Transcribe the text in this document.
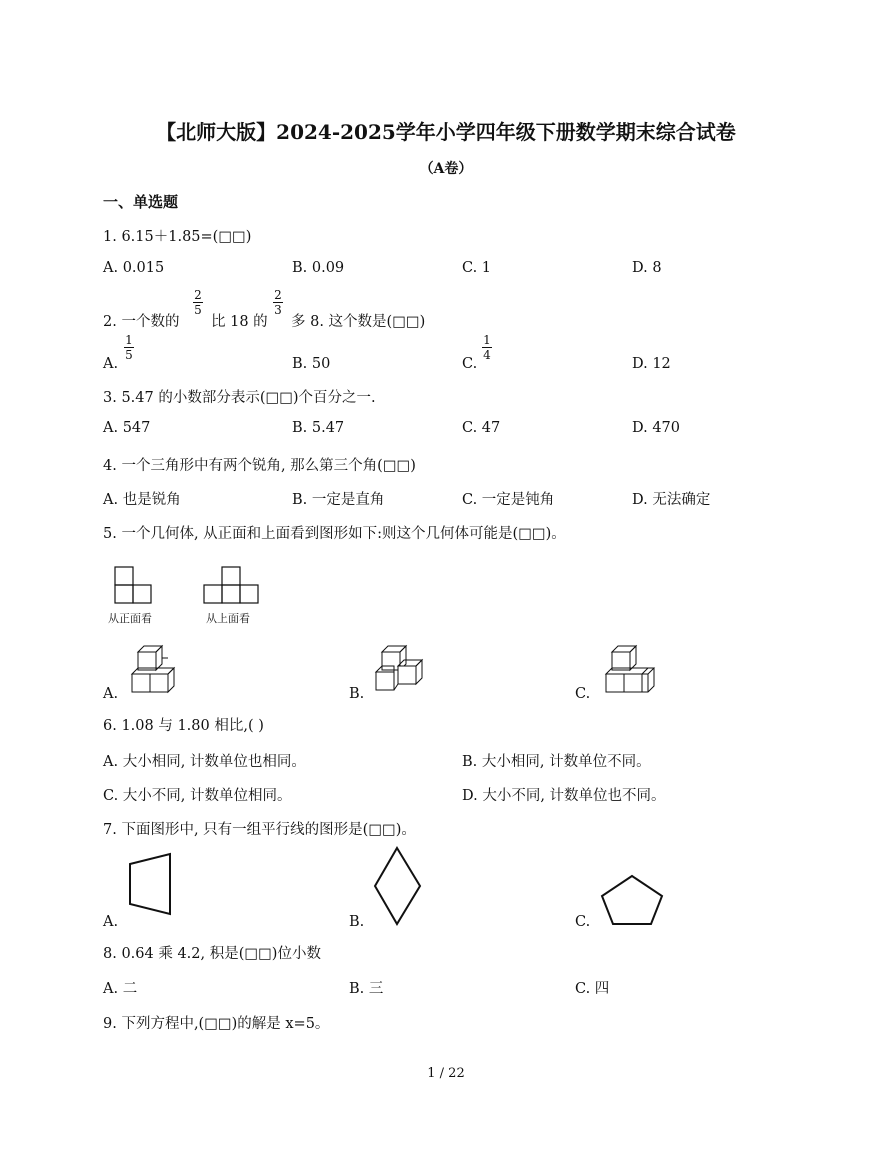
【北师大版】2024-2025学年小学四年级下册数学期末综合试卷
（A卷）
一、单选题
1. 6.15＋1.85=(□□)
A. 0.015	B. 0.09	C. 1	D. 8
2. 一个数的
2
5
比 18 的
2
3
多 8. 这个数是(□□)
A.
1
5
B. 50	C.
1
4
D. 12
3. 5.47 的小数部分表示(□□)个百分之一.
A. 547	B. 5.47	C. 47	D. 470
4. 一个三角形中有两个锐角, 那么第三个角(□□)
A. 也是锐角	B. 一定是直角	C. 一定是钝角	D. 无法确定
5. 一个几何体, 从正面和上面看到图形如下:则这个几何体可能是(□□)。
从正面看	从上面看
A.	B.	C.
6. 1.08 与 1.80 相比,( )
A. 大小相同, 计数单位也相同。	B. 大小相同, 计数单位不同。
C. 大小不同, 计数单位相同。	D. 大小不同, 计数单位也不同。
7. 下面图形中, 只有一组平行线的图形是(□□)。
A.	B.	C.
8. 0.64 乘 4.2, 积是(□□)位小数
A. 二	B. 三	C. 四
9. 下列方程中,(□□)的解是 x=5。
1 / 22
